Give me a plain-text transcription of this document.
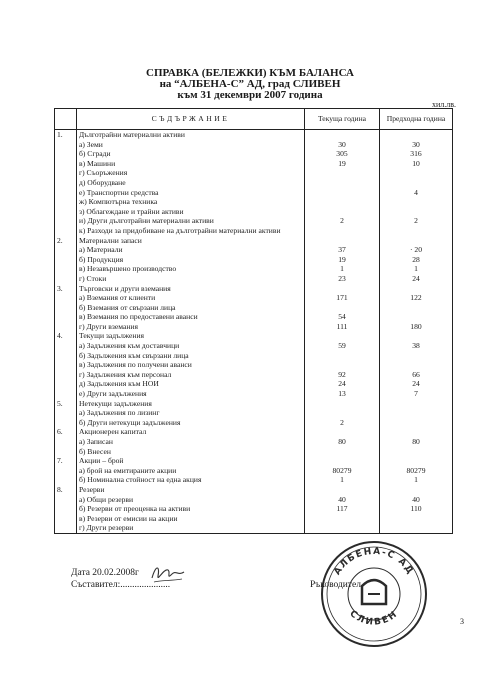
СПРАВКА (БЕЛЕЖКИ) КЪМ БАЛАНСА
на “АЛБЕНА-С” АД, град СЛИВЕН
към 31 декември 2007 година
хил.лв.
	СЪДЪРЖАНИЕ	Текуща година	Предходна година
1.	Дълготрайни материални активи		
	а) Земи	30	30
	б) Сгради	305	316
	в) Машини	19	10
	г) Съоръжения		
	д) Оборудване		
	е) Транспортни средства		4
	ж) Компютърна техника		
	з) Облагеждане и трайни активи		
	и) Други дълготрайни материални активи	2	2
	к) Разходи за придобиване на дълготрайни материални активи		
2.	Материални запаси		
	а) Материали	37	· 20
	б) Продукция	19	28
	в) Незавършено производство	1	1
	г) Стоки	23	24
3.	Търговски и други вземания		
	а) Вземания от клиенти	171	122
	б) Вземания от свързани лица		
	в) Вземания по предоставени аванси	54	
	г) Други вземания	111	180
4.	Текущи задължения		
	а) Задължения към доставчици	59	38
	б) Задължения към свързани лица		
	в) Задължения по получени аванси		
	г) Задължения към персонал	92	66
	д) Задължения към НОИ	24	24
	е) Други задължения	13	7
5.	Нетекущи задължения		
	а) Задължения по лизинг		
	б) Други нетекущи задължения	2	
6.	Акционерен капитал		
	а) Записан	80	80
	б) Внесен		
7.	Акции – брой		
	а) брой на емитираните акции	80279	80279
	б) Номинална стойност на една акция	1	1
8.	Резерви		
	а) Общи резерви	40	40
	б) Резерви от преоценка на активи	117	110
	в) Резерви от емисии на акции		
	г) Други резерви		
Дата 20.02.2008г
Съставител:.....................	Ръководител
АЛБЕНА-С АД
СЛИВЕН	3
